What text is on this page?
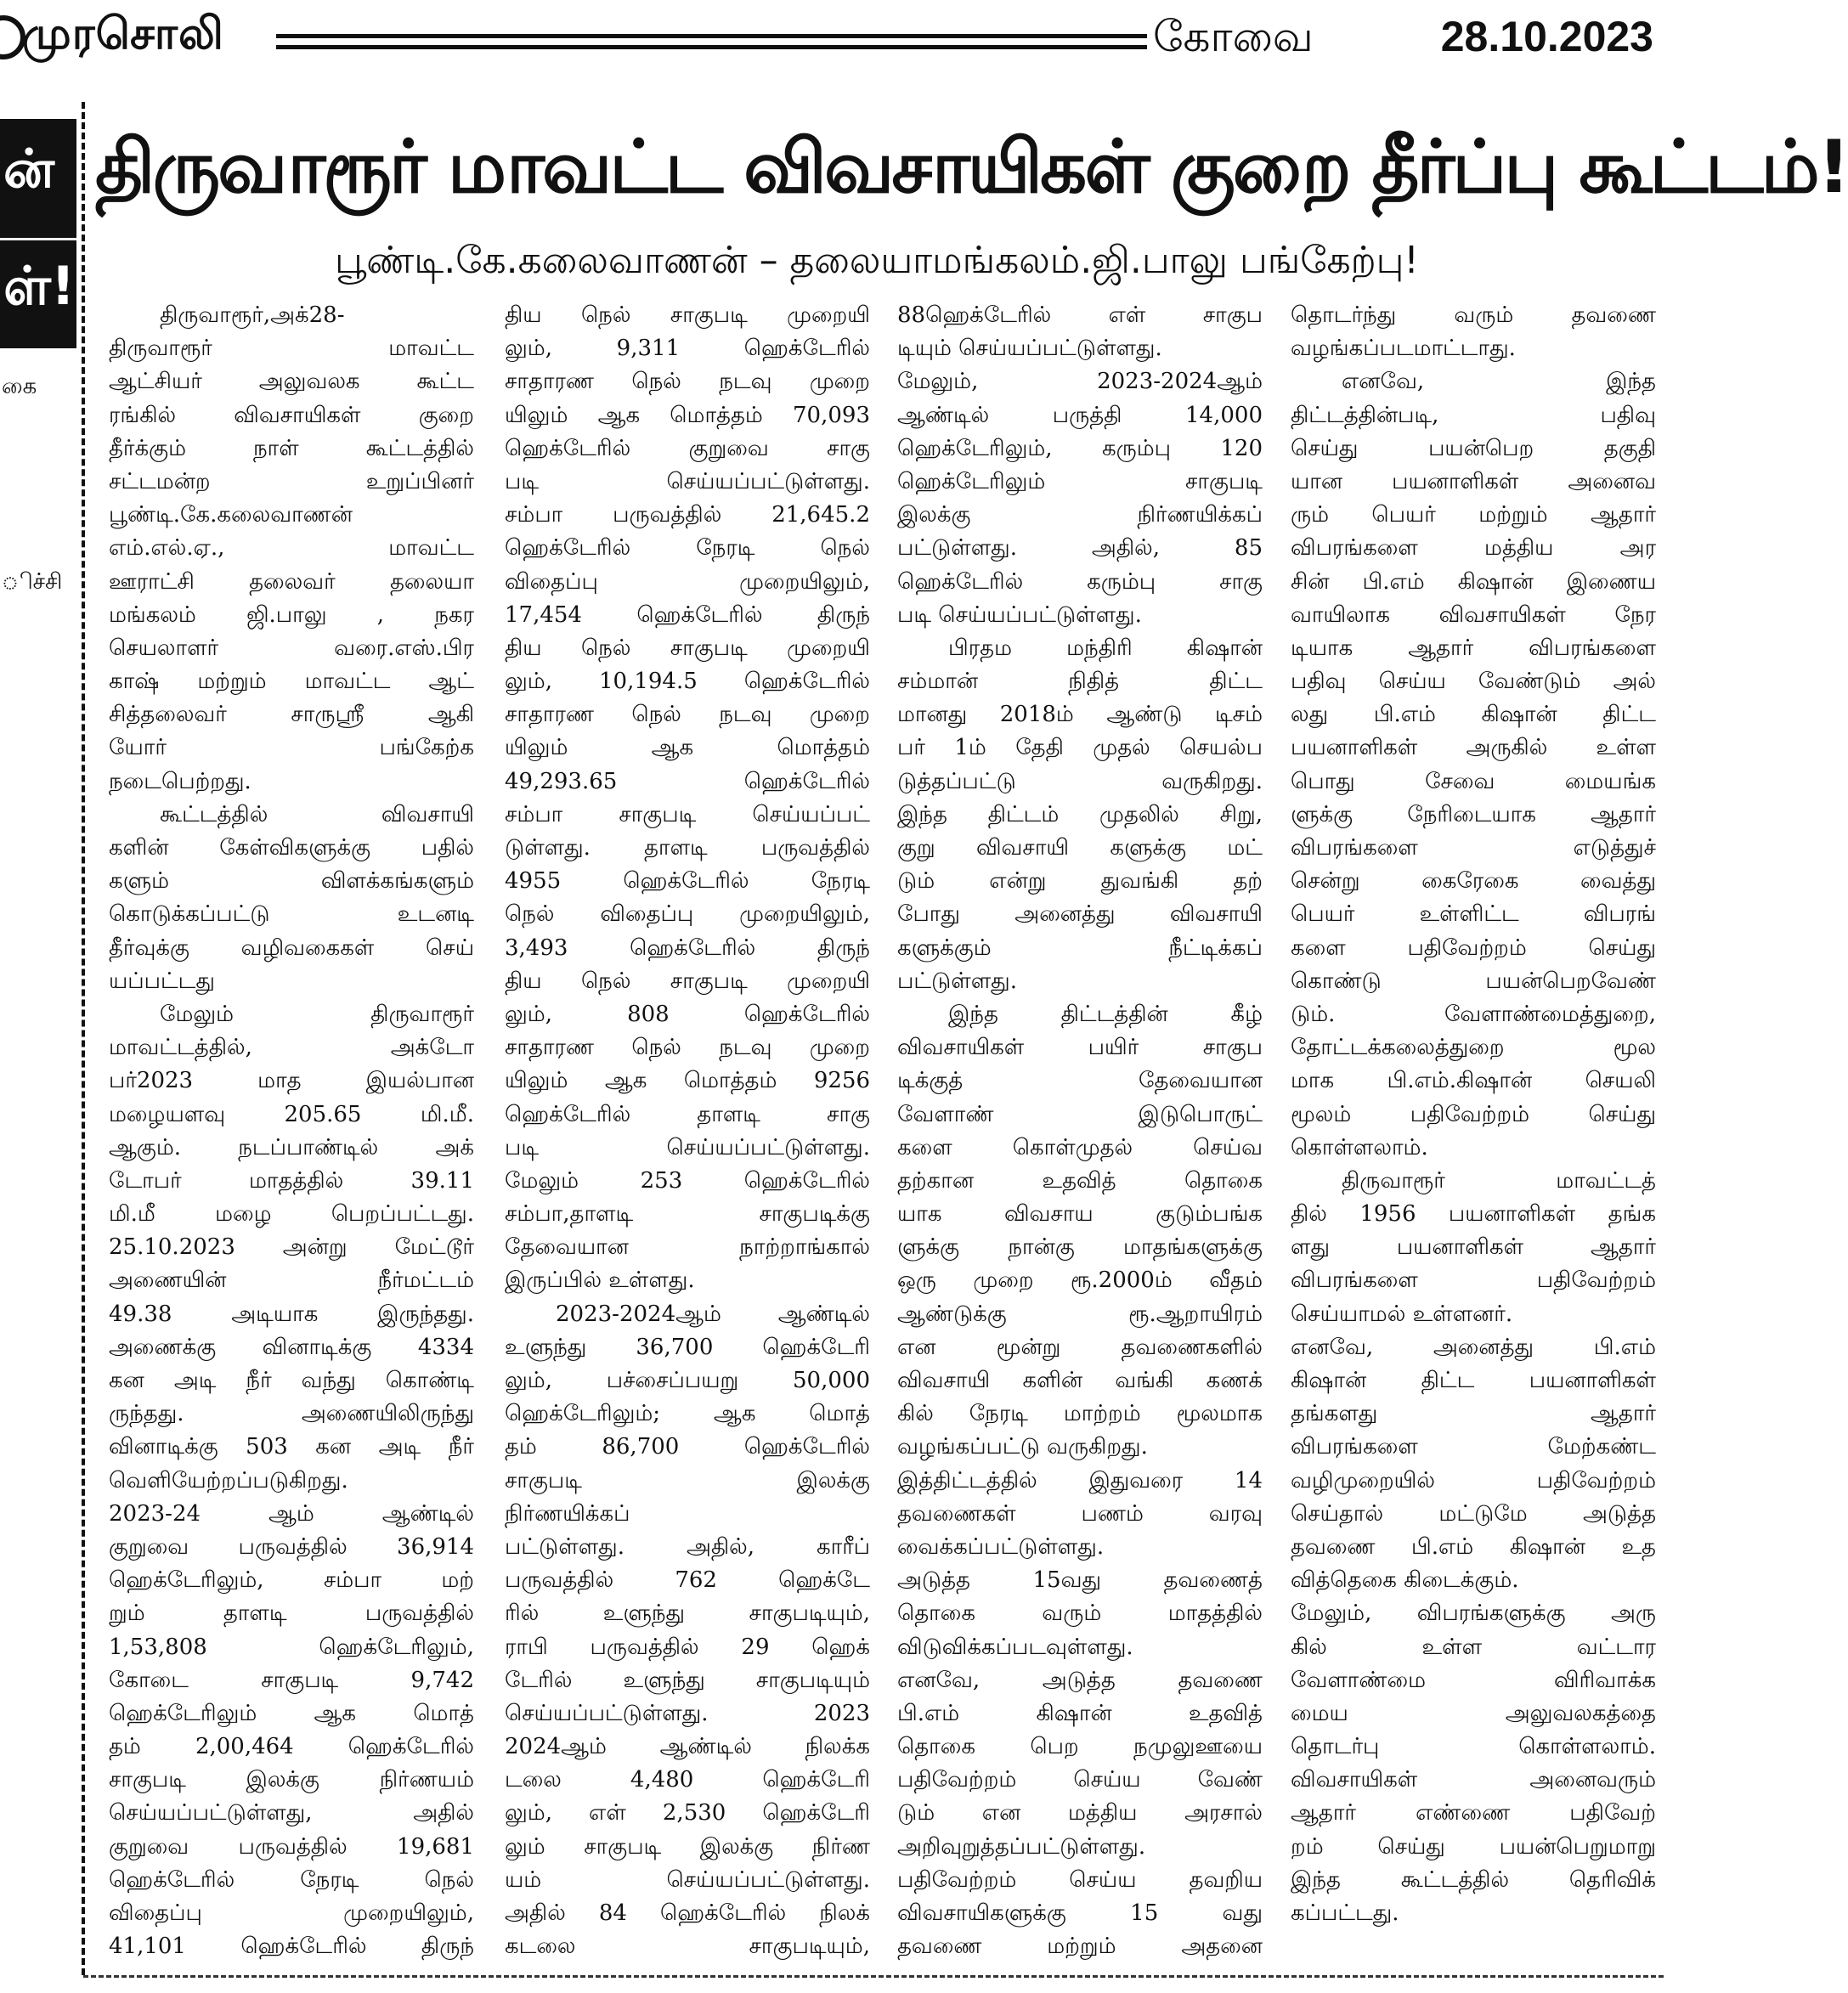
முரசொலி	கோவை	28.10.2023
ன்
ள்!
கை
ிச்சி
திருவாரூர் மாவட்ட விவசாயிகள் குறை தீர்ப்பு கூட்டம்!
பூண்டி.கே.கலைவாணன் – தலையாமங்கலம்.ஜி.பாலு பங்கேற்பு!
திருவாரூர்,அக்28-
திருவாரூர் மாவட்ட
ஆட்சியர் அலுவலக கூட்ட
ரங்கில் விவசாயிகள் குறை
தீர்க்கும் நாள் கூட்டத்தில்
சட்டமன்ற உறுப்பினர்
பூண்டி.கே.கலைவாணன்
எம்.எல்.ஏ., மாவட்ட
ஊராட்சி தலைவர் தலையா
மங்கலம் ஜி.பாலு , நகர
செயலாளர் வரை.எஸ்.பிர
காஷ் மற்றும் மாவட்ட ஆட்
சித்தலைவர் சாருஸ்ரீ ஆகி
யோர் பங்கேற்க
நடைபெற்றது.
கூட்டத்தில் விவசாயி
களின் கேள்விகளுக்கு பதில்
களும் விளக்கங்களும்
கொடுக்கப்பட்டு உடனடி
தீர்வுக்கு வழிவகைகள் செய்
யப்பட்டது
மேலும் திருவாரூர்
மாவட்டத்தில், அக்டோ
பர்2023 மாத இயல்பான
மழையளவு 205.65 மி.மீ.
ஆகும். நடப்பாண்டில் அக்
டோபர் மாதத்தில் 39.11
மி.மீ மழை பெறப்பட்டது.
25.10.2023 அன்று மேட்டூர்
அணையின் நீர்மட்டம்
49.38 அடியாக இருந்தது.
அணைக்கு வினாடிக்கு 4334
கன அடி நீர் வந்து கொண்டி
ருந்தது. அணையிலிருந்து
வினாடிக்கு 503 கன அடி நீர்
வெளியேற்றப்படுகிறது.
2023-24 ஆம் ஆண்டில்
குறுவை பருவத்தில் 36,914
ஹெக்டேரிலும், சம்பா மற்
றும் தாளடி பருவத்தில்
1,53,808 ஹெக்டேரிலும்,
கோடை சாகுபடி 9,742
ஹெக்டேரிலும் ஆக மொத்
தம் 2,00,464 ஹெக்டேரில்
சாகுபடி இலக்கு நிர்ணயம்
செய்யப்பட்டுள்ளது, அதில்
குறுவை பருவத்தில் 19,681
ஹெக்டேரில் நேரடி நெல்
விதைப்பு முறையிலும்,
41,101 ஹெக்டேரில் திருந்
திய நெல் சாகுபடி முறையி
லும், 9,311 ஹெக்டேரில்
சாதாரண நெல் நடவு முறை
யிலும் ஆக மொத்தம் 70,093
ஹெக்டேரில் குறுவை சாகு
படி செய்யப்பட்டுள்ளது.
சம்பா பருவத்தில் 21,645.2
ஹெக்டேரில் நேரடி நெல்
விதைப்பு முறையிலும்,
17,454 ஹெக்டேரில் திருந்
திய நெல் சாகுபடி முறையி
லும், 10,194.5 ஹெக்டேரில்
சாதாரண நெல் நடவு முறை
யிலும் ஆக மொத்தம்
49,293.65 ஹெக்டேரில்
சம்பா சாகுபடி செய்யப்பட்
டுள்ளது. தாளடி பருவத்தில்
4955 ஹெக்டேரில் நேரடி
நெல் விதைப்பு முறையிலும்,
3,493 ஹெக்டேரில் திருந்
திய நெல் சாகுபடி முறையி
லும், 808 ஹெக்டேரில்
சாதாரண நெல் நடவு முறை
யிலும் ஆக மொத்தம் 9256
ஹெக்டேரில் தாளடி சாகு
படி செய்யப்பட்டுள்ளது.
மேலும் 253 ஹெக்டேரில்
சம்பா,தாளடி சாகுபடிக்கு
தேவையான நாற்றாங்கால்
இருப்பில் உள்ளது.
2023-2024ஆம் ஆண்டில்
உளுந்து 36,700 ஹெக்டேரி
லும், பச்சைப்பயறு 50,000
ஹெக்டேரிலும்; ஆக மொத்
தம் 86,700 ஹெக்டேரில்
சாகுபடி இலக்கு
நிர்ணயிக்கப்
பட்டுள்ளது. அதில், காரீப்
பருவத்தில் 762 ஹெக்டே
ரில் உளுந்து சாகுபடியும்,
ராபி பருவத்தில் 29 ஹெக்
டேரில் உளுந்து சாகுபடியும்
செய்யப்பட்டுள்ளது. 2023
2024ஆம் ஆண்டில் நிலக்க
டலை 4,480 ஹெக்டேரி
லும், எள் 2,530 ஹெக்டேரி
லும் சாகுபடி இலக்கு நிர்ண
யம் செய்யப்பட்டுள்ளது.
அதில் 84 ஹெக்டேரில் நிலக்
கடலை சாகுபடியும்,
88ஹெக்டேரில் எள் சாகுப
டியும் செய்யப்பட்டுள்ளது.
மேலும், 2023-2024ஆம்
ஆண்டில் பருத்தி 14,000
ஹெக்டேரிலும், கரும்பு 120
ஹெக்டேரிலும் சாகுபடி
இலக்கு நிர்ணயிக்கப்
பட்டுள்ளது. அதில், 85
ஹெக்டேரில் கரும்பு சாகு
படி செய்யப்பட்டுள்ளது.
பிரதம மந்திரி கிஷான்
சம்மான் நிதித் திட்ட
மானது 2018ம் ஆண்டு டிசம்
பர் 1ம் தேதி முதல் செயல்ப
டுத்தப்பட்டு வருகிறது.
இந்த திட்டம் முதலில் சிறு,
குறு விவசாயி களுக்கு மட்
டும் என்று துவங்கி தற்
போது அனைத்து விவசாயி
களுக்கும் நீட்டிக்கப்
பட்டுள்ளது.
இந்த திட்டத்தின் கீழ்
விவசாயிகள் பயிர் சாகுப
டிக்குத் தேவையான
வேளாண் இடுபொருட்
களை கொள்முதல் செய்வ
தற்கான உதவித் தொகை
யாக விவசாய குடும்பங்க
ளுக்கு நான்கு மாதங்களுக்கு
ஒரு முறை ரூ.2000ம் வீதம்
ஆண்டுக்கு ரூ.ஆறாயிரம்
என மூன்று தவணைகளில்
விவசாயி களின் வங்கி கணக்
கில் நேரடி மாற்றம் மூலமாக
வழங்கப்பட்டு வருகிறது.
இத்திட்டத்தில் இதுவரை 14
தவணைகள் பணம் வரவு
வைக்கப்பட்டுள்ளது.
அடுத்த 15வது தவணைத்
தொகை வரும் மாதத்தில்
விடுவிக்கப்படவுள்ளது.
எனவே, அடுத்த தவணை
பி.எம் கிஷான் உதவித்
தொகை பெற நமுலுஊயை
பதிவேற்றம் செய்ய வேண்
டும் என மத்திய அரசால்
அறிவுறுத்தப்பட்டுள்ளது.
பதிவேற்றம் செய்ய தவறிய
விவசாயிகளுக்கு 15 வது
தவணை மற்றும் அதனை
தொடர்ந்து வரும் தவணை
வழங்கப்படமாட்டாது.
எனவே, இந்த
திட்டத்தின்படி, பதிவு
செய்து பயன்பெற தகுதி
யான பயனாளிகள் அனைவ
ரும் பெயர் மற்றும் ஆதார்
விபரங்களை மத்திய அர
சின் பி.எம் கிஷான் இணைய
வாயிலாக விவசாயிகள் நேர
டியாக ஆதார் விபரங்களை
பதிவு செய்ய வேண்டும் அல்
லது பி.எம் கிஷான் திட்ட
பயனாளிகள் அருகில் உள்ள
பொது சேவை மையங்க
ளுக்கு நேரிடையாக ஆதார்
விபரங்களை எடுத்துச்
சென்று கைரேகை வைத்து
பெயர் உள்ளிட்ட விபரங்
களை பதிவேற்றம் செய்து
கொண்டு பயன்பெறவேண்
டும். வேளாண்மைத்துறை,
தோட்டக்கலைத்துறை மூல
மாக பி.எம்.கிஷான் செயலி
மூலம் பதிவேற்றம் செய்து
கொள்ளலாம்.
திருவாரூர் மாவட்டத்
தில் 1956 பயனாளிகள் தங்க
ளது பயனாளிகள் ஆதார்
விபரங்களை பதிவேற்றம்
செய்யாமல் உள்ளனர்.
எனவே, அனைத்து பி.எம்
கிஷான் திட்ட பயனாளிகள்
தங்களது ஆதார்
விபரங்களை மேற்கண்ட
வழிமுறையில் பதிவேற்றம்
செய்தால் மட்டுமே அடுத்த
தவணை பி.எம் கிஷான் உத
வித்தெகை கிடைக்கும்.
மேலும், விபரங்களுக்கு அரு
கில் உள்ள வட்டார
வேளாண்மை விரிவாக்க
மைய அலுவலகத்தை
தொடர்பு கொள்ளலாம்.
விவசாயிகள் அனைவரும்
ஆதார் எண்ணை பதிவேற்
றம் செய்து பயன்பெறுமாறு
இந்த கூட்டத்தில் தெரிவிக்
கப்பட்டது.
